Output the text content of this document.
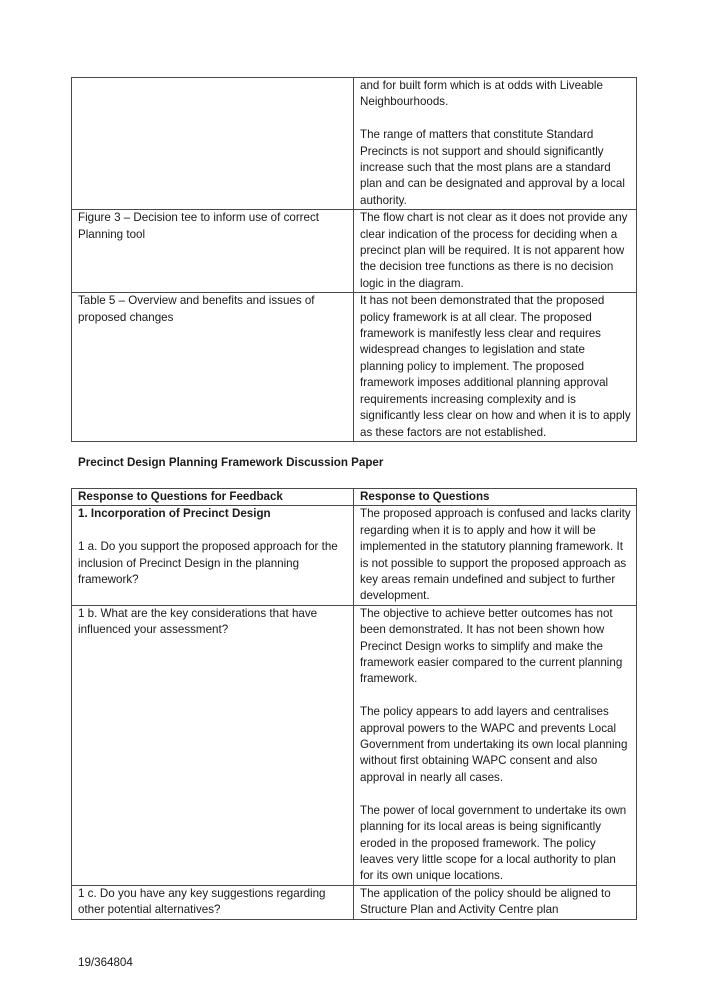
	and for built form which is at odds with Liveable Neighbourhoods.

The range of matters that constitute Standard Precincts is not support and should significantly increase such that the most plans are a standard plan and can be designated and approval by a local authority.

Figure 3 – Decision tee to inform use of correct Planning tool	The flow chart is not clear as it does not provide any clear indication of the process for deciding when a precinct plan will be required. It is not apparent how the decision tree functions as there is no decision logic in the diagram.

Table 5 – Overview and benefits and issues of proposed changes	It has not been demonstrated that the proposed policy framework is at all clear. The proposed framework is manifestly less clear and requires widespread changes to legislation and state planning policy to implement. The proposed framework imposes additional planning approval requirements increasing complexity and is significantly less clear on how and when it is to apply as these factors are not established.

Precinct Design Planning Framework Discussion Paper

Response to Questions for Feedback	Response to Questions

1. Incorporation of Precinct Design

1 a. Do you support the proposed approach for the inclusion of Precinct Design in the planning framework?	The proposed approach is confused and lacks clarity regarding when it is to apply and how it will be implemented in the statutory planning framework. It is not possible to support the proposed approach as key areas remain undefined and subject to further development.

1 b. What are the key considerations that have influenced your assessment?	The objective to achieve better outcomes has not been demonstrated. It has not been shown how Precinct Design works to simplify and make the framework easier compared to the current planning framework.

The policy appears to add layers and centralises approval powers to the WAPC and prevents Local Government from undertaking its own local planning without first obtaining WAPC consent and also approval in nearly all cases.

The power of local government to undertake its own planning for its local areas is being significantly eroded in the proposed framework. The policy leaves very little scope for a local authority to plan for its own unique locations.

1 c. Do you have any key suggestions regarding other potential alternatives?	The application of the policy should be aligned to Structure Plan and Activity Centre plan

19/364804
